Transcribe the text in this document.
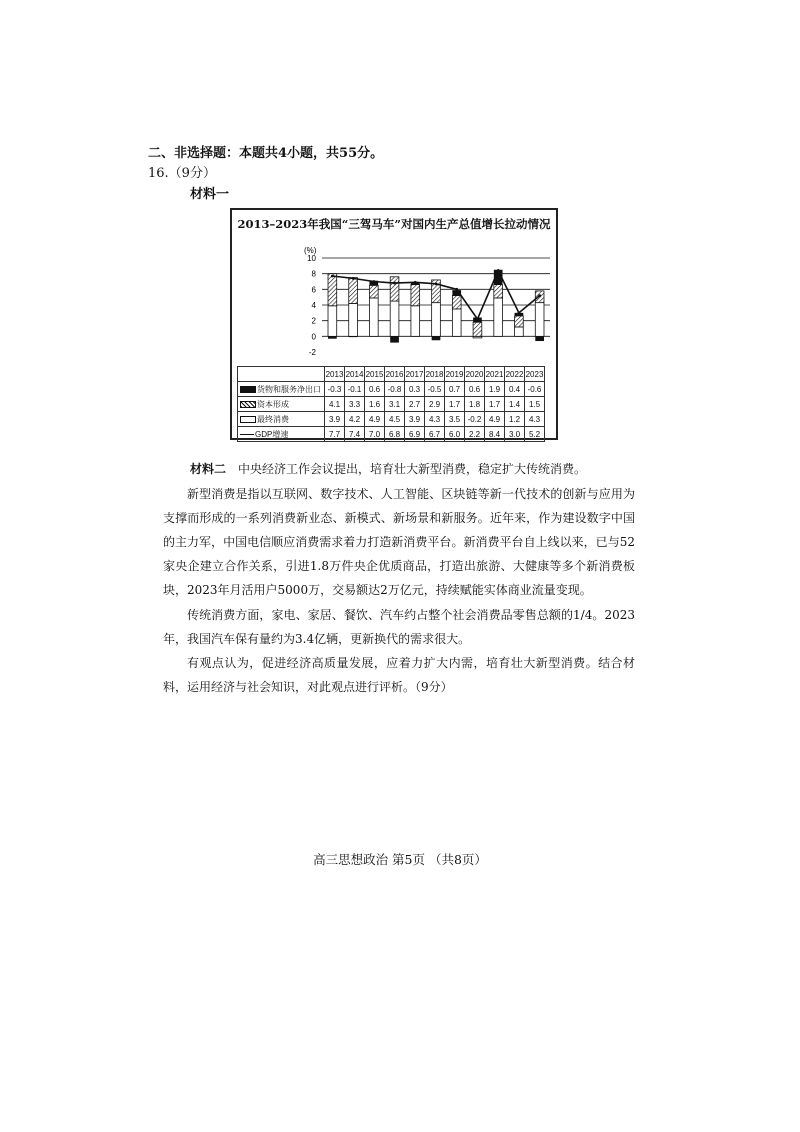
二、非选择题：本题共4小题，共55分。
16.（9分）
材料一
2013–2023年我国“三驾马车”对国内生产总值增长拉动情况
(%)
10
8
6
4
2
0
-2
	2013	2014	2015	2016	2017	2018	2019	2020	2021	2022	2023
货物和服务净出口	-0.3	-0.1	0.6	-0.8	0.3	-0.5	0.7	0.6	1.9	0.4	-0.6
资本形成	4.1	3.3	1.6	3.1	2.7	2.9	1.7	1.8	1.7	1.4	1.5
最终消费	3.9	4.2	4.9	4.5	3.9	4.3	3.5	-0.2	4.9	1.2	4.3
GDP增速	7.7	7.4	7.0	6.8	6.9	6.7	6.0	2.2	8.4	3.0	5.2
材料二 中央经济工作会议提出，培育壮大新型消费，稳定扩大传统消费。
新型消费是指以互联网、数字技术、人工智能、区块链等新一代技术的创新与应用为支撑而形成的一系列消费新业态、新模式、新场景和新服务。近年来，作为建设数字中国的主力军，中国电信顺应消费需求着力打造新消费平台。新消费平台自上线以来，已与52家央企建立合作关系，引进1.8万件央企优质商品，打造出旅游、大健康等多个新消费板块，2023年月活用户5000万，交易额达2万亿元，持续赋能实体商业流量变现。
传统消费方面，家电、家居、餐饮、汽车约占整个社会消费品零售总额的1/4。2023年，我国汽车保有量约为3.4亿辆，更新换代的需求很大。
有观点认为，促进经济高质量发展，应着力扩大内需，培育壮大新型消费。结合材料，运用经济与社会知识，对此观点进行评析。（9分）
高三思想政治 第5页 （共8页）
